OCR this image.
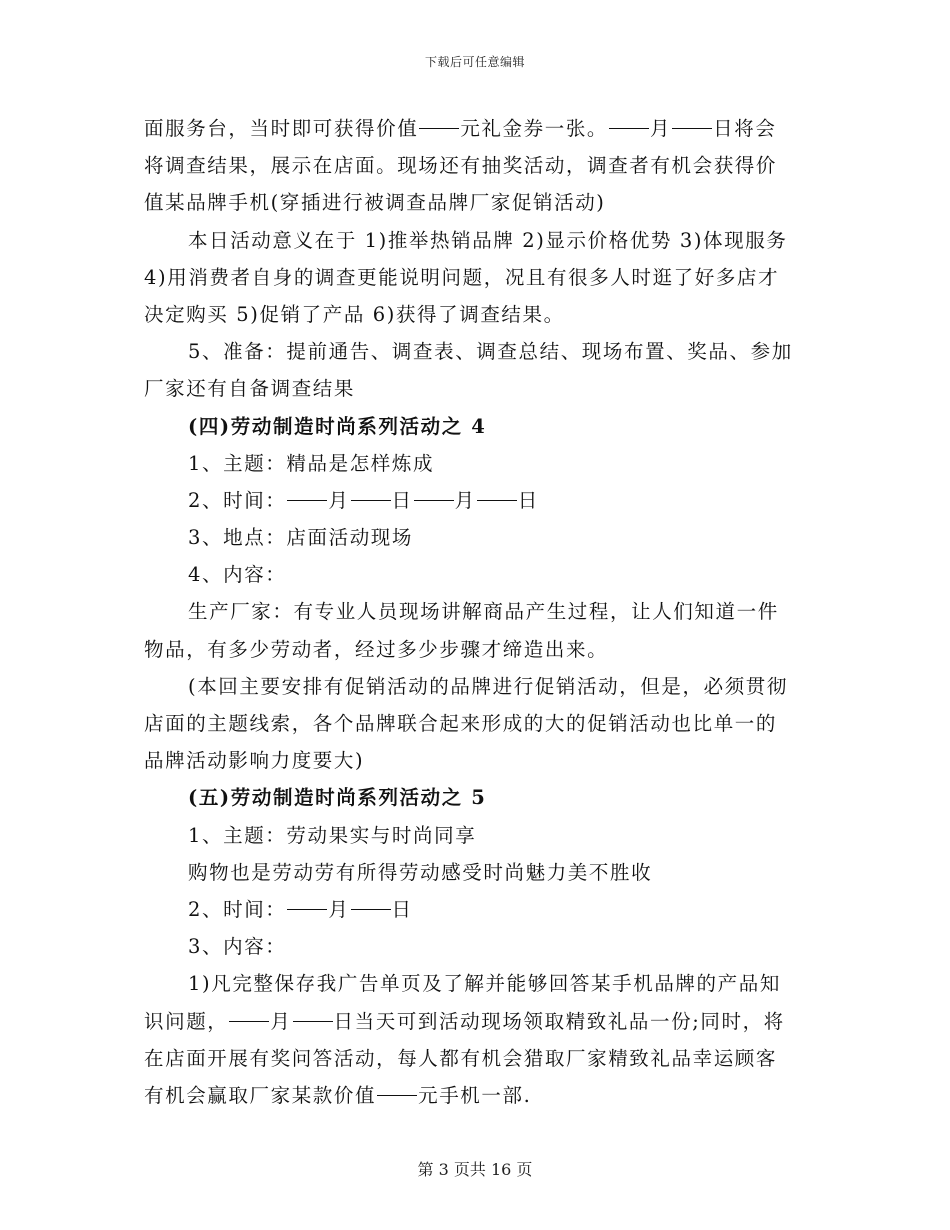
下载后可任意编辑
面服务台，当时即可获得价值 元礼金券一张。 月 日将会
将调查结果，展示在店面。现场还有抽奖活动，调查者有机会获得价
值某品牌手机(穿插进行被调查品牌厂家促销活动)
本日活动意义在于 1)推举热销品牌 2)显示价格优势 3)体现服务
4)用消费者自身的调查更能说明问题，况且有很多人时逛了好多店才
决定购买 5)促销了产品 6)获得了调查结果。
5、准备：提前通告、调查表、调查总结、现场布置、奖品、参加
厂家还有自备调查结果
(四)劳动制造时尚系列活动之 4
1、主题：精品是怎样炼成
2、时间： 月 日 月 日
3、地点：店面活动现场
4、内容：
生产厂家：有专业人员现场讲解商品产生过程，让人们知道一件
物品，有多少劳动者，经过多少步骤才缔造出来。
(本回主要安排有促销活动的品牌进行促销活动，但是，必须贯彻
店面的主题线索，各个品牌联合起来形成的大的促销活动也比单一的
品牌活动影响力度要大)
(五)劳动制造时尚系列活动之 5
1、主题：劳动果实与时尚同享
购物也是劳动劳有所得劳动感受时尚魅力美不胜收
2、时间： 月 日
3、内容：
1)凡完整保存我广告单页及了解并能够回答某手机品牌的产品知
识问题， 月 日当天可到活动现场领取精致礼品一份;同时，将
在店面开展有奖问答活动，每人都有机会猎取厂家精致礼品幸运顾客
有机会赢取厂家某款价值 元手机一部.
第 3 页共 16 页
